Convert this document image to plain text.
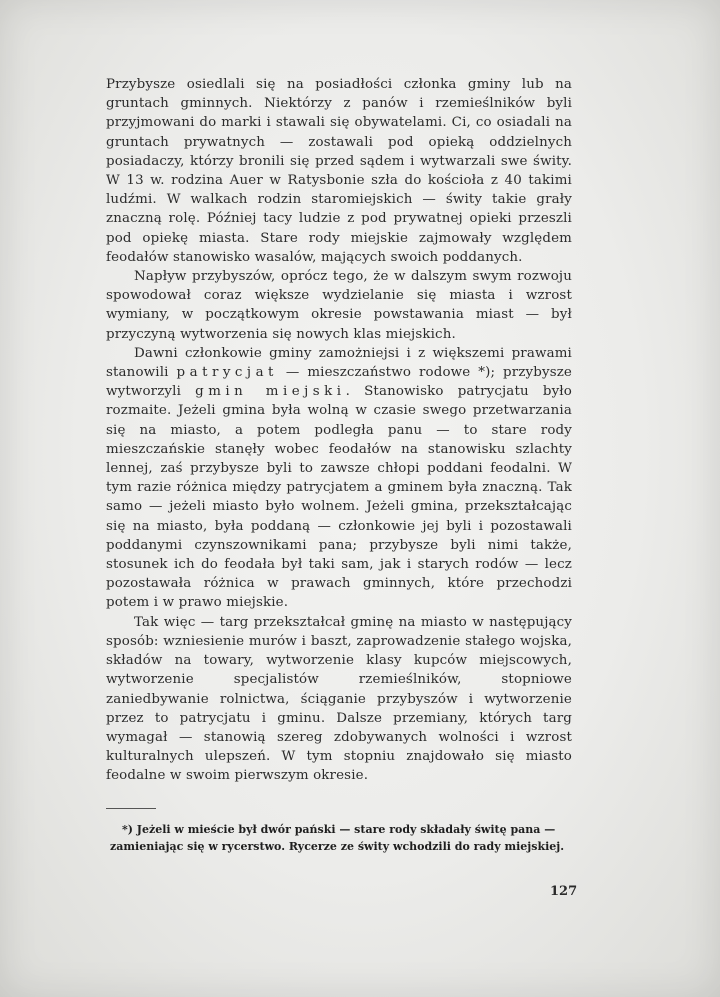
Przybysze osiedlali się na posiadłości członka gminy lub na gruntach gminnych. Niektórzy z panów i rzemieślników byli przyjmowani do marki i stawali się obywatelami. Ci, co osiadali na gruntach prywatnych — zostawali pod opieką oddzielnych posiadaczy, którzy bronili się przed sądem i wytwarzali swe świty. W 13 w. rodzina Auer w Ratysbonie szła do kościoła z 40 takimi ludźmi. W walkach rodzin staromiejskich — świty takie grały znaczną rolę. Później tacy ludzie z pod prywatnej opieki przeszli pod opiekę miasta. Stare rody miejskie zajmowały względem feodałów stanowisko wasalów, mających swoich poddanych.

Napływ przybyszów, oprócz tego, że w dalszym swym rozwoju spowodował coraz większe wydzielanie się miasta i wzrost wymiany, w początkowym okresie powstawania miast — był przyczyną wytworzenia się nowych klas miejskich.

Dawni członkowie gminy zamożniejsi i z większemi prawami stanowili patrycjat — mieszczaństwo rodowe *); przybysze wytworzyli gmin miejski. Stanowisko patrycjatu było rozmaite. Jeżeli gmina była wolną w czasie swego przetwarzania się na miasto, a potem podległa panu — to stare rody mieszczańskie stanęły wobec feodałów na stanowisku szlachty lennej, zaś przybysze byli to zawsze chłopi poddani feodalni. W tym razie różnica między patrycjatem a gminem była znaczną. Tak samo — jeżeli miasto było wolnem. Jeżeli gmina, przekształcając się na miasto, była poddaną — członkowie jej byli i pozostawali poddanymi czynszownikami pana; przybysze byli nimi także, stosunek ich do feodała był taki sam, jak i starych rodów — lecz pozostawała różnica w prawach gminnych, które przechodzi potem i w prawo miejskie.

Tak więc — targ przekształcał gminę na miasto w następujący sposób: wzniesienie murów i baszt, zaprowadzenie stałego wojska, składów na towary, wytworzenie klasy kupców miejscowych, wytworzenie specjalistów rzemieślników, stopniowe zaniedbywanie rolnictwa, ściąganie przybyszów i wytworzenie przez to patrycjatu i gminu. Dalsze przemiany, których targ wymagał — stanowią szereg zdobywanych wolności i wzrost kulturalnych ulepszeń. W tym stopniu znajdowało się miasto feodalne w swoim pierwszym okresie.

*) Jeżeli w mieście był dwór pański — stare rody składały świtę pana —
zamieniając się w rycerstwo. Rycerze ze świty wchodzili do rady miejskiej.
127
